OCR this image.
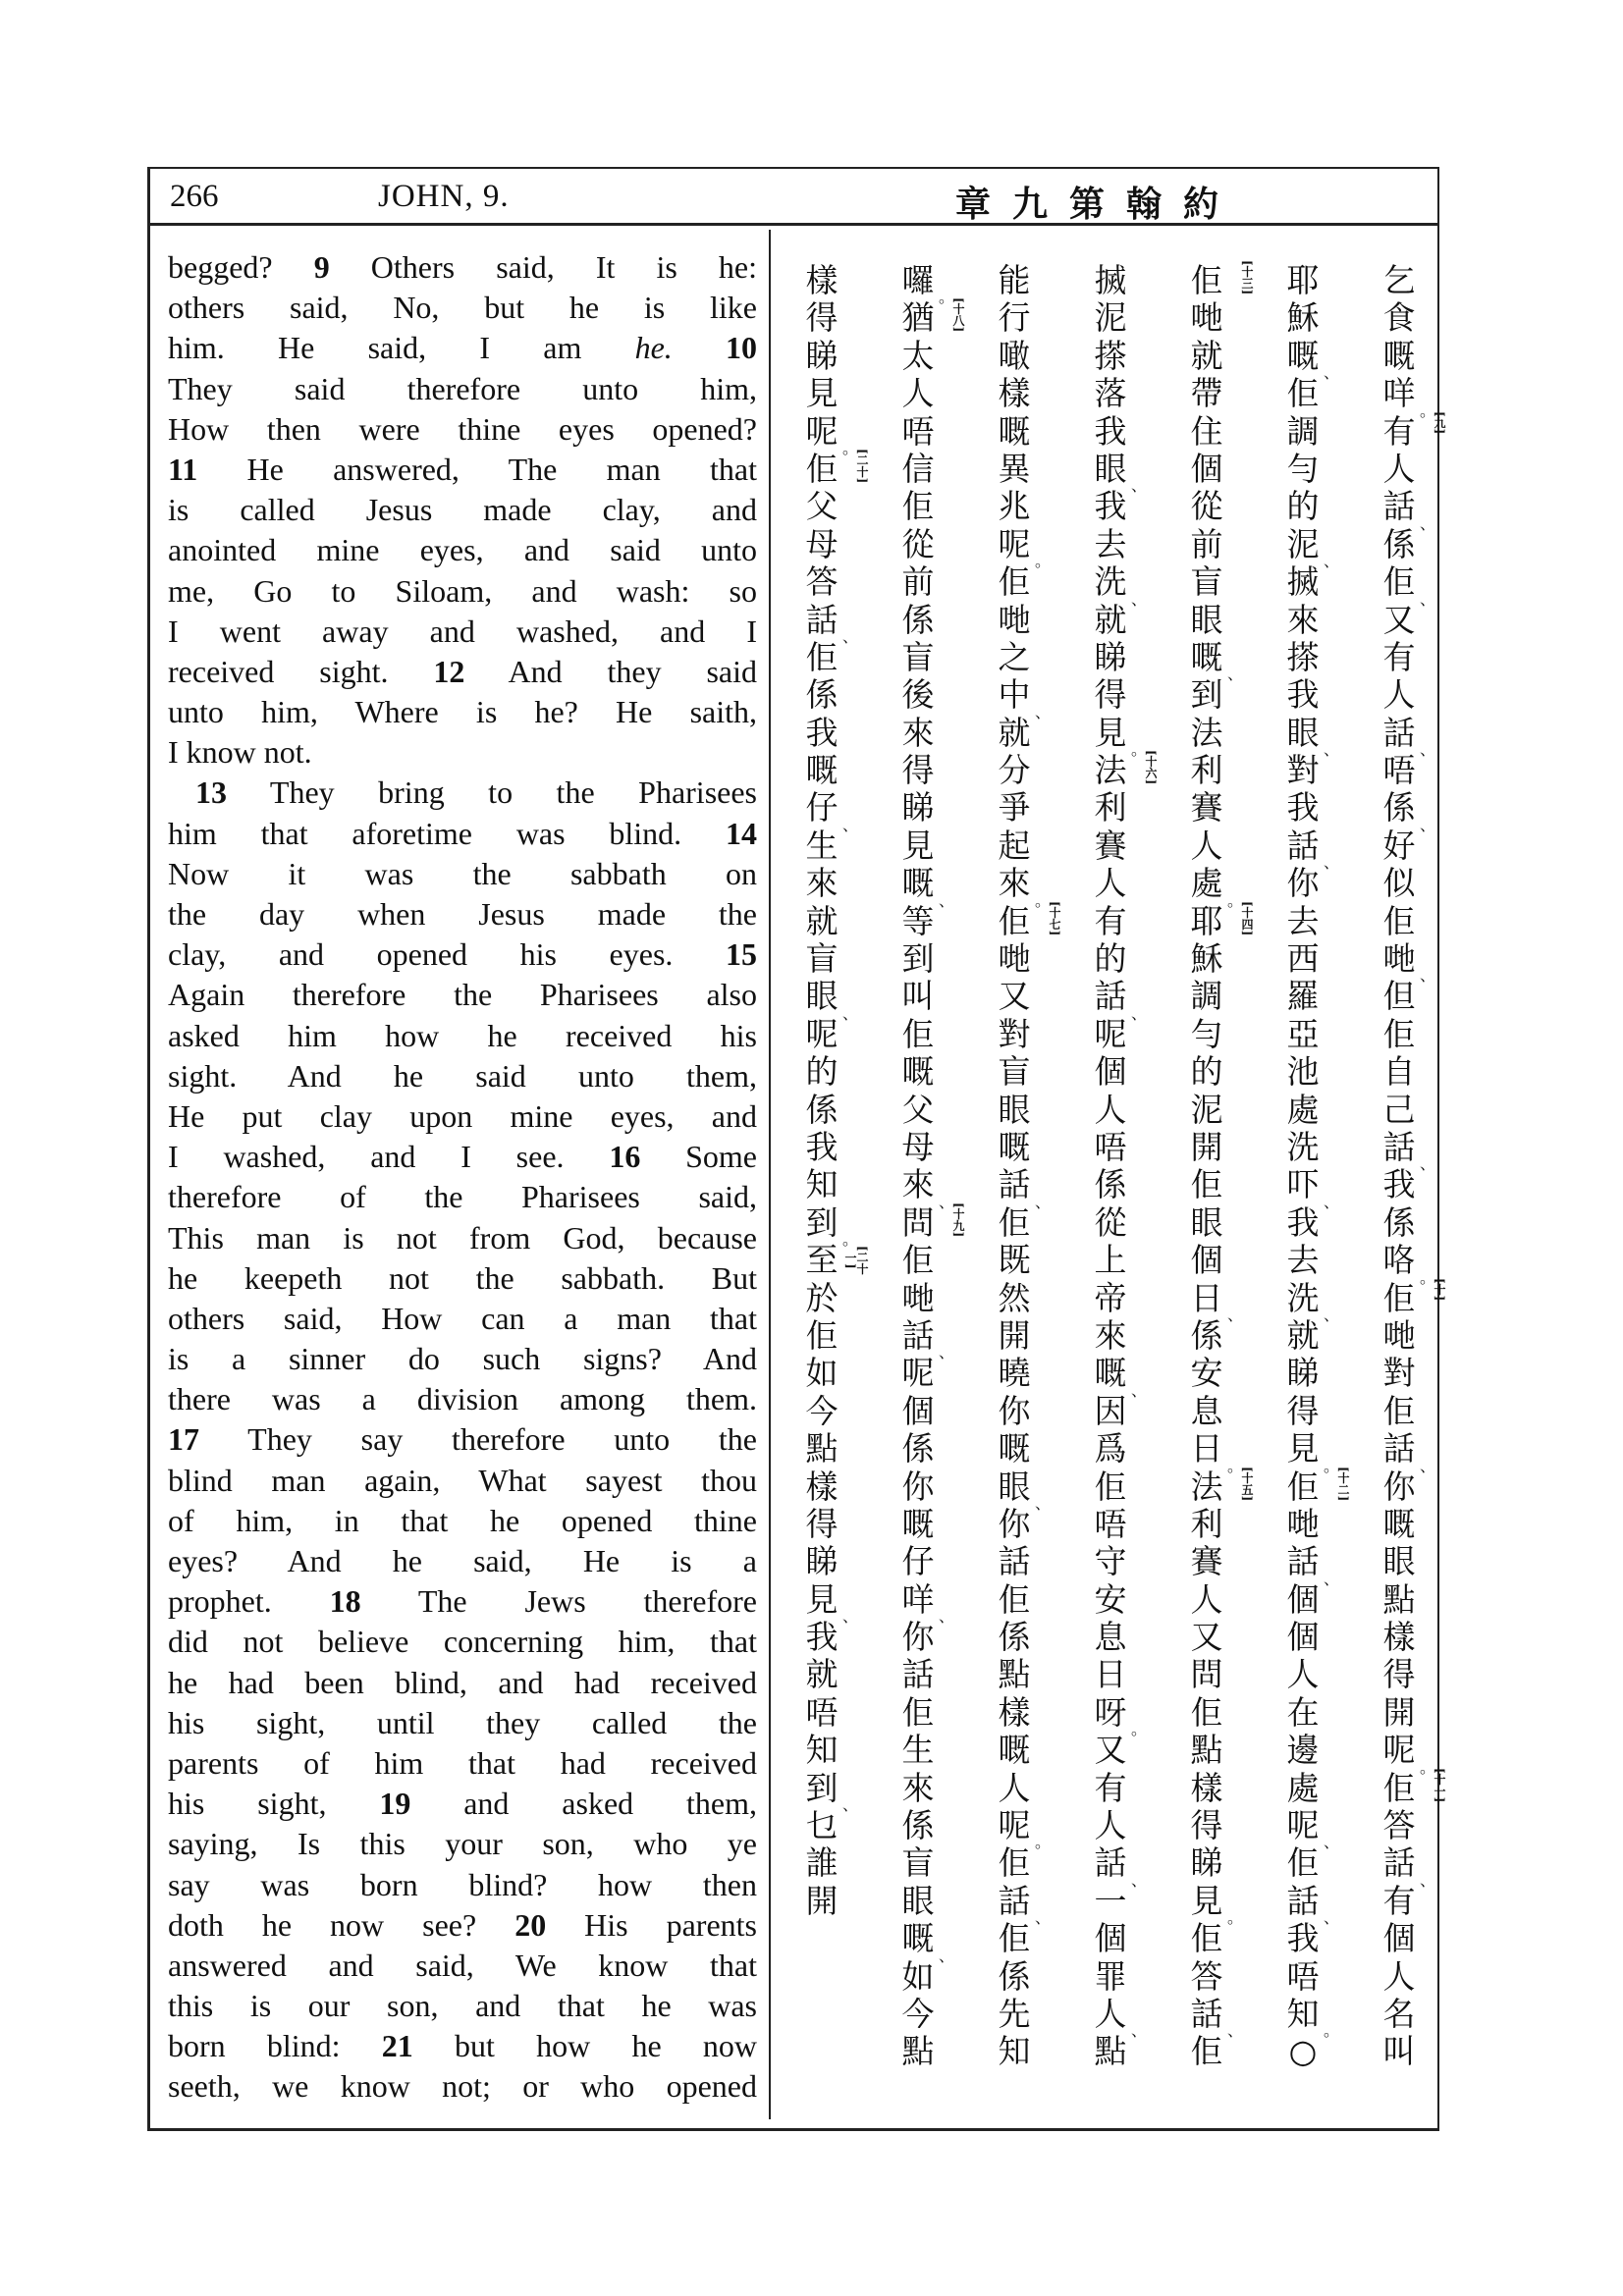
266	JOHN, 9.	章九第翰約
begged? 9 Others said, It is he:
others said, No, but he is like
him. He said, I am he. 10
They said therefore unto him,
How then were thine eyes opened?
11 He answered, The man that
is called Jesus made clay, and
anointed mine eyes, and said unto
me, Go to Siloam, and wash: so
I went away and washed, and I
received sight. 12 And they said
unto him, Where is he? He saith,
I know not.
13 They bring to the Pharisees
him that aforetime was blind. 14
Now it was the sabbath on
the day when Jesus made the
clay, and opened his eyes. 15
Again therefore the Pharisees also
asked him how he received his
sight. And he said unto them,
He put clay upon mine eyes, and
I washed, and I see. 16 Some
therefore of the Pharisees said,
This man is not from God, because
he keepeth not the sabbath. But
others said, How can a man that
is a sinner do such signs? And
there was a division among them.
17 They say therefore unto the
blind man again, What sayest thou
of him, in that he opened thine
eyes? And he said, He is a
prophet. 18 The Jews therefore
did not believe concerning him, that
he had been blind, and had received
his sight, until they called the
parents of him that had received
his sight, 19 and asked them,
saying, Is this your son, who ye
say was born blind? how then
doth he now see? 20 His parents
answered and said, We know that
this is our son, and that he was
born blind: 21 but how he now
seeth, we know not; or who opened
乞
食
嘅
咩 。
[九]
有
人
話 、
係
佢 、
又
有
人
話 、
唔
係 、
好
似
佢
哋 、
但
佢
自
己
話 、
我
係
咯 。
[十]
佢
哋
對
佢
話 、
你
嘅
眼
點
樣
得
開
呢 。
[十一]
佢
答
話 、
有
個
人
名
叫
耶
穌
嘅 、
佢
調
勻
的
泥 、
搣
來
搽
我
眼 、
對
我
話 、
你
去
西
羅
亞
池
處
洗
吓 、
我
去
洗 、
就
睇
得
見 。
[十二]
佢
哋
話 、
個
個
人
在
邊
處
呢 、
佢
話 、
我
唔
知 。
○
[十三]
佢
哋
就
帶
住
個
從
前
盲
眼
嘅 、
到
法
利
賽
人
處 。
[十四]
耶
穌
調
勻
的
泥
開
佢
眼
個
日 、
係
安
息
日 。
[十五]
法
利
賽
人
又
問
佢
點
樣
得
睇
見 。
佢
答
話 、
佢
搣
泥
搽
落
我
眼 、
我
去
洗 、
就
睇
得
見 。
[十六]
法
利
賽
人
有
的
話 、
呢
個
人
唔
係
從
上
帝
來
嘅 、
因
爲
佢
唔
守
安
息
日
呀 。
又
有
人
話 、
一
個
罪
人 、
點
能
行
噉
樣
嘅
異
兆
呢 。
佢
哋
之
中 、
就
分
爭
起
來 。
[十七]
佢
哋
又
對
盲
眼
嘅
話 、
佢
既
然
開
曉
你
嘅
眼 、
你
話
佢
係
點
樣
嘅
人
呢 。
佢
話 、
佢
係
先
知
囉 。
[十八]
猶
太
人
唔
信
佢
從
前
係
盲
後
來
得
睇
見
嘅 、
等
到
叫
佢
嘅
父
母
來 、
[十九]
問
佢
哋
話 、
呢
個
係
你
嘅
仔
咩 、
你
話
佢
生
來
係
盲
眼
嘅 、
如
今
點
樣
得
睇
見
呢 。
[二十]
佢
父
母
答
話 、
佢
係
我
嘅
仔 、
生
來
就
盲
眼 、
呢
的
係
我
知
到 。
[二十一]
至
於
佢
如
今
點
樣
得
睇
見 、
我
就
唔
知
到 、
乜
誰
開
